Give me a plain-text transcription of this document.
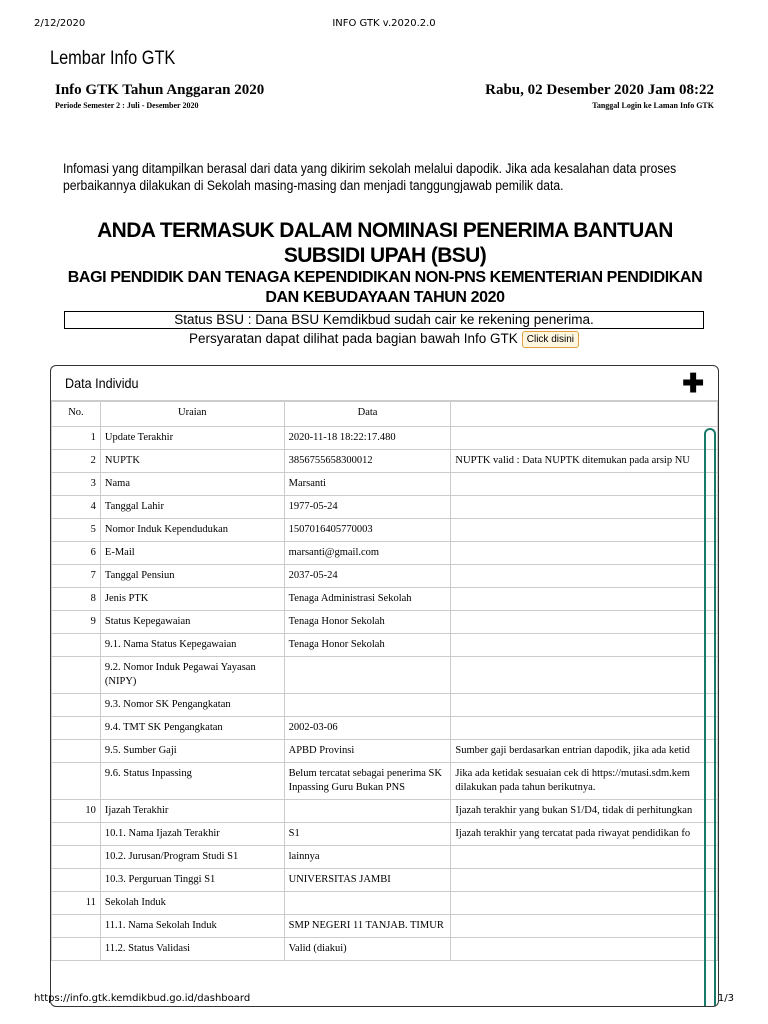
2/12/2020	INFO GTK v.2020.2.0
Lembar Info GTK
Info GTK Tahun Anggaran 2020
Periode Semester 2 : Juli - Desember 2020
Rabu, 02 Desember 2020 Jam 08:22
Tanggal Login ke Laman Info GTK
Infomasi yang ditampilkan berasal dari data yang dikirim sekolah melalui dapodik. Jika ada kesalahan data proses perbaikannya dilakukan di Sekolah masing-masing dan menjadi tanggungjawab pemilik data.
ANDA TERMASUK DALAM NOMINASI PENERIMA BANTUAN SUBSIDI UPAH (BSU)
BAGI PENDIDIK DAN TENAGA KEPENDIDIKAN NON-PNS KEMENTERIAN PENDIDIKAN DAN KEBUDAYAAN TAHUN 2020
Status BSU : Dana BSU Kemdikbud sudah cair ke rekening penerima.
Persyaratan dapat dilihat pada bagian bawah Info GTK Click disini
Data Individu	✚
No.	Uraian	Data	
1	Update Terakhir	2020-11-18 18:22:17.480	
2	NUPTK	3856755658300012	NUPTK valid : Data NUPTK ditemukan pada arsip NU
3	Nama	Marsanti	
4	Tanggal Lahir	1977-05-24	
5	Nomor Induk Kependudukan	1507016405770003	
6	E-Mail	marsanti@gmail.com	
7	Tanggal Pensiun	2037-05-24	
8	Jenis PTK	Tenaga Administrasi Sekolah	
9	Status Kepegawaian	Tenaga Honor Sekolah	
	9.1. Nama Status Kepegawaian	Tenaga Honor Sekolah	
	9.2. Nomor Induk Pegawai Yayasan (NIPY)		
	9.3. Nomor SK Pengangkatan		
	9.4. TMT SK Pengangkatan	2002-03-06	
	9.5. Sumber Gaji	APBD Provinsi	Sumber gaji berdasarkan entrian dapodik, jika ada ketid
	9.6. Status Inpassing	Belum tercatat sebagai penerima SK Inpassing Guru Bukan PNS	Jika ada ketidak sesuaian cek di https://mutasi.sdm.kem dilakukan pada tahun berikutnya.
10	Ijazah Terakhir		Ijazah terakhir yang bukan S1/D4, tidak di perhitungkan
	10.1. Nama Ijazah Terakhir	S1	Ijazah terakhir yang tercatat pada riwayat pendidikan fo
	10.2. Jurusan/Program Studi S1	lainnya	
	10.3. Perguruan Tinggi S1	UNIVERSITAS JAMBI	
11	Sekolah Induk		
	11.1. Nama Sekolah Induk	SMP NEGERI 11 TANJAB. TIMUR	
	11.2. Status Validasi	Valid (diakui)	
https://info.gtk.kemdikbud.go.id/dashboard	1/3
